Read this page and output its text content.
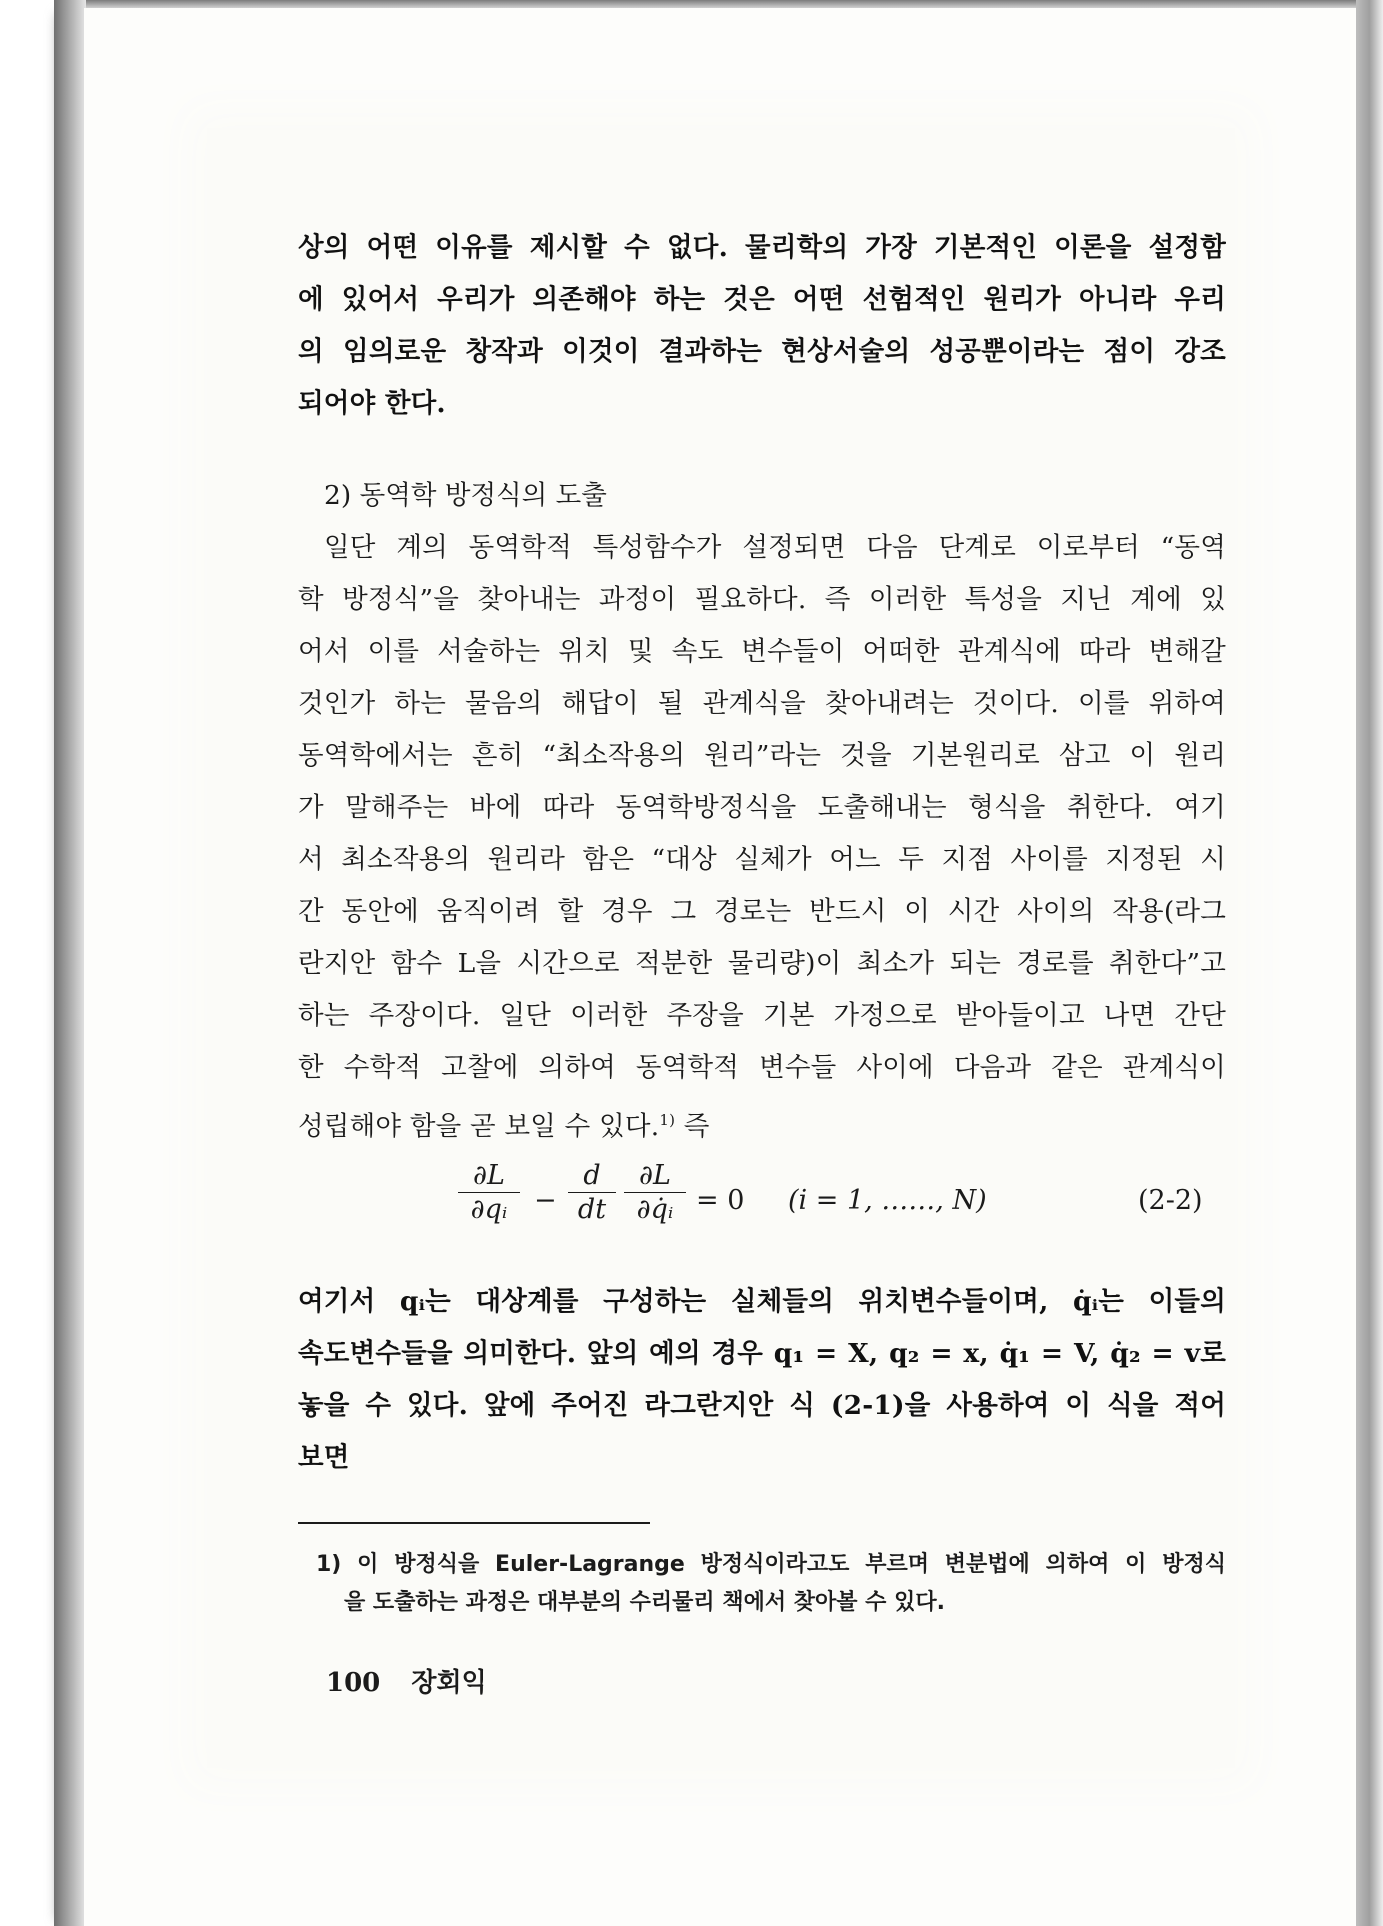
상의 어떤 이유를 제시할 수 없다. 물리학의 가장 기본적인 이론을 설정함
에 있어서 우리가 의존해야 하는 것은 어떤 선험적인 원리가 아니라 우리
의 임의로운 창작과 이것이 결과하는 현상서술의 성공뿐이라는 점이 강조
되어야 한다.
2) 동역학 방정식의 도출
일단 계의 동역학적 특성함수가 설정되면 다음 단계로 이로부터 “동역
학 방정식”을 찾아내는 과정이 필요하다. 즉 이러한 특성을 지닌 계에 있
어서 이를 서술하는 위치 및 속도 변수들이 어떠한 관계식에 따라 변해갈
것인가 하는 물음의 해답이 될 관계식을 찾아내려는 것이다. 이를 위하여
동역학에서는 흔히 “최소작용의 원리”라는 것을 기본원리로 삼고 이 원리
가 말해주는 바에 따라 동역학방정식을 도출해내는 형식을 취한다. 여기
서 최소작용의 원리라 함은 “대상 실체가 어느 두 지점 사이를 지정된 시
간 동안에 움직이려 할 경우 그 경로는 반드시 이 시간 사이의 작용(라그
란지안 함수 L을 시간으로 적분한 물리량)이 최소가 되는 경로를 취한다”고
하는 주장이다. 일단 이러한 주장을 기본 가정으로 받아들이고 나면 간단
한 수학적 고찰에 의하여 동역학적 변수들 사이에 다음과 같은 관계식이
성립해야 함을 곧 보일 수 있다.$^{1)}$ 즉
∂L
∂qᵢ −
d
dt
∂L
∂q̇ᵢ = 0 (i = 1, ……, N)	(2-2)
여기서 qᵢ는 대상계를 구성하는 실체들의 위치변수들이며, q̇ᵢ는 이들의
속도변수들을 의미한다. 앞의 예의 경우 q₁ = X, q₂ = x, q̇₁ = V, q̇₂ = v로
놓을 수 있다. 앞에 주어진 라그란지안 식 (2-1)을 사용하여 이 식을 적어
보면
1) 이 방정식을 Euler-Lagrange 방정식이라고도 부르며 변분법에 의하여 이 방정식
을 도출하는 과정은 대부분의 수리물리 책에서 찾아볼 수 있다.
100 장회익
